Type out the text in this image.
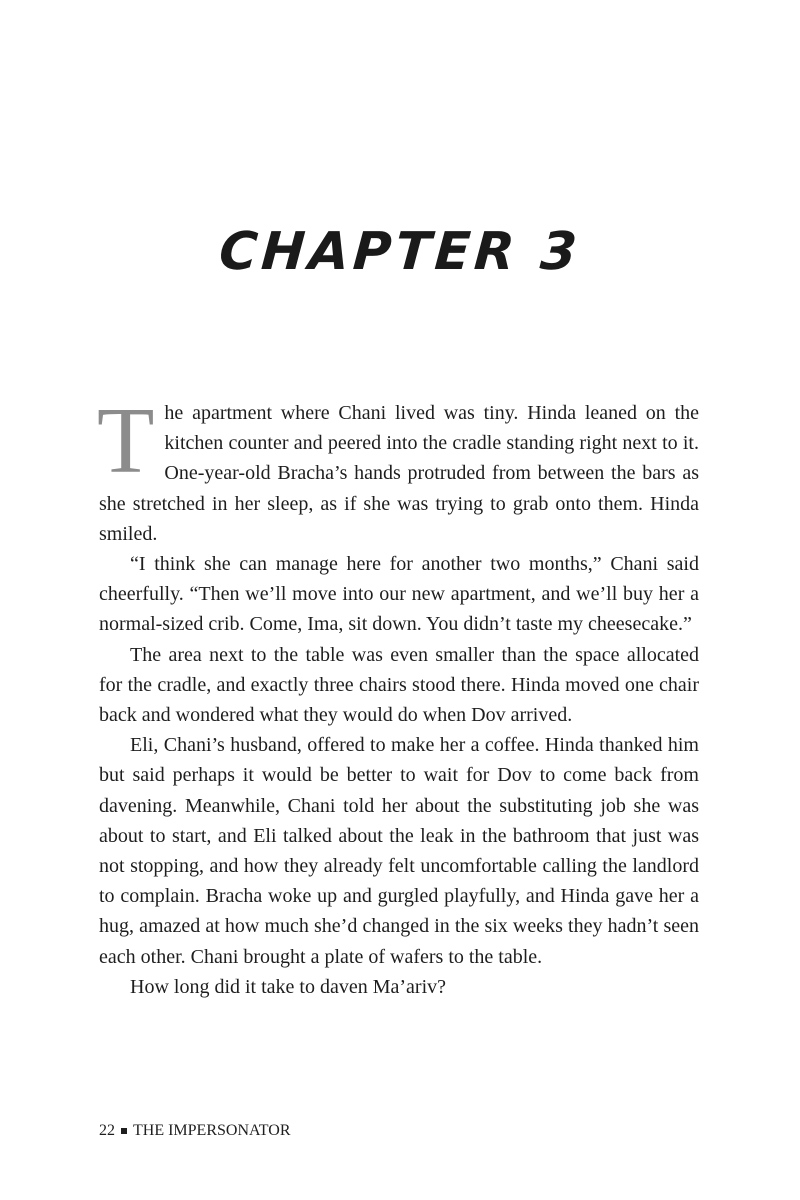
CHAPTER 3

The apartment where Chani lived was tiny. Hinda leaned on the kitchen counter and peered into the cradle standing right next to it. One-year-old Bracha’s hands protruded from between the bars as she stretched in her sleep, as if she was trying to grab onto them. Hinda smiled.

“I think she can manage here for another two months,” Chani said cheerfully. “Then we’ll move into our new apartment, and we’ll buy her a normal-sized crib. Come, Ima, sit down. You didn’t taste my cheesecake.”

The area next to the table was even smaller than the space allocated for the cradle, and exactly three chairs stood there. Hinda moved one chair back and wondered what they would do when Dov arrived.

Eli, Chani’s husband, offered to make her a coffee. Hinda thanked him but said perhaps it would be better to wait for Dov to come back from davening. Meanwhile, Chani told her about the substituting job she was about to start, and Eli talked about the leak in the bathroom that just was not stopping, and how they already felt uncomfortable calling the landlord to complain. Bracha woke up and gurgled playfully, and Hinda gave her a hug, amazed at how much she’d changed in the six weeks they hadn’t seen each other. Chani brought a plate of wafers to the table.

How long did it take to daven Ma’ariv?

22 THE IMPERSONATOR
